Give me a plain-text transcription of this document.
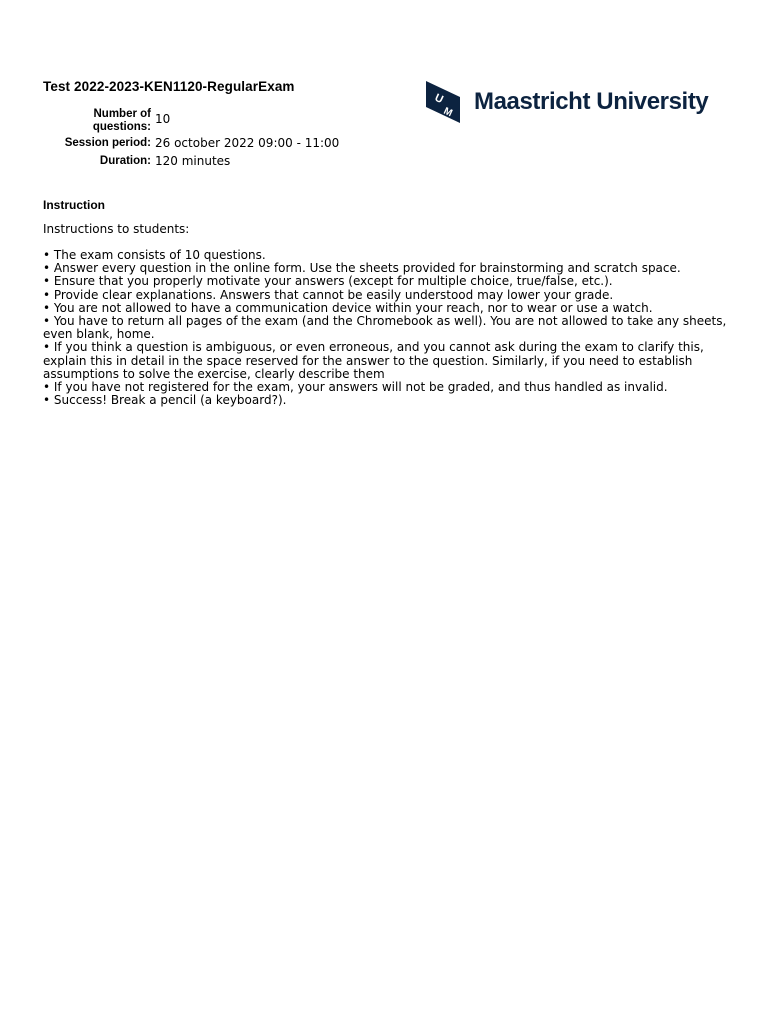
Test 2022-2023-KEN1120-RegularExam
Number of questions:
10
Session period: 26 october 2022 09:00 - 11:00
Duration: 120 minutes
U
M Maastricht University
Instruction
Instructions to students:
• The exam consists of 10 questions.
• Answer every question in the online form. Use the sheets provided for brainstorming and scratch space.
• Ensure that you properly motivate your answers (except for multiple choice, true/false, etc.).
• Provide clear explanations. Answers that cannot be easily understood may lower your grade.
• You are not allowed to have a communication device within your reach, nor to wear or use a watch.
• You have to return all pages of the exam (and the Chromebook as well). You are not allowed to take any sheets, even blank, home.
• If you think a question is ambiguous, or even erroneous, and you cannot ask during the exam to clarify this, explain this in detail in the space reserved for the answer to the question. Similarly, if you need to establish assumptions to solve the exercise, clearly describe them
• If you have not registered for the exam, your answers will not be graded, and thus handled as invalid.
• Success! Break a pencil (a keyboard?).
